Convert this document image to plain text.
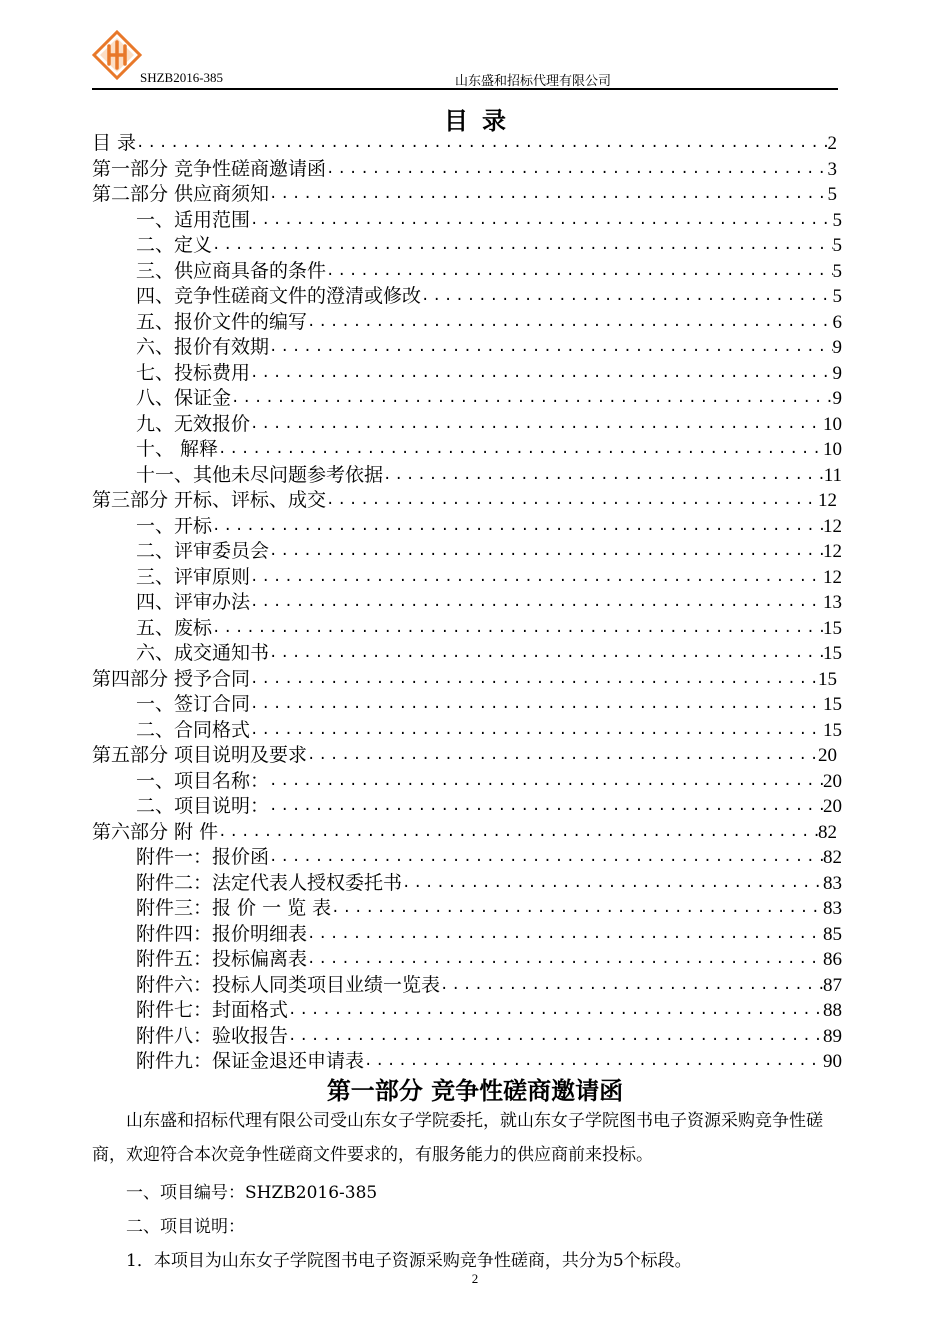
SHZB2016-385	山东盛和招标代理有限公司
目录
目 录 .....	2
第一部分 竞争性磋商邀请函 .....	3
第二部分 供应商须知 .....	5
一、适用范围 .....	5
二、定义 .....	5
三、供应商具备的条件 .....	5
四、竞争性磋商文件的澄清或修改 .....	5
五、报价文件的编写 .....	6
六、报价有效期 .....	9
七、投标费用 .....	9
八、保证金 .....	9
九、无效报价 .....	10
十、 解释 .....	10
十一、其他未尽问题参考依据 .....	11
第三部分 开标、评标、成交 .....	12
一、开标 .....	12
二、评审委员会 .....	12
三、评审原则 .....	12
四、评审办法 .....	13
五、废标 .....	15
六、成交通知书 .....	15
第四部分 授予合同 .....	15
一、签订合同 .....	15
二、合同格式 .....	15
第五部分 项目说明及要求 .....	20
一、项目名称： .....	20
二、项目说明： .....	20
第六部分 附 件 .....	82
附件一：报价函 .....	82
附件二：法定代表人授权委托书 .....	83
附件三：报 价 一 览 表 .....	83
附件四：报价明细表 .....	85
附件五：投标偏离表 .....	86
附件六：投标人同类项目业绩一览表 .....	87
附件七：封面格式 .....	88
附件八：验收报告 .....	89
附件九：保证金退还申请表 .....	90
第一部分 竞争性磋商邀请函
山东盛和招标代理有限公司受山东女子学院委托，就山东女子学院图书电子资源采购竞争性磋商，欢迎符合本次竞争性磋商文件要求的，有服务能力的供应商前来投标。
一、项目编号：SHZB2016-385
二、项目说明：
1．本项目为山东女子学院图书电子资源采购竞争性磋商，共分为5个标段。
2
